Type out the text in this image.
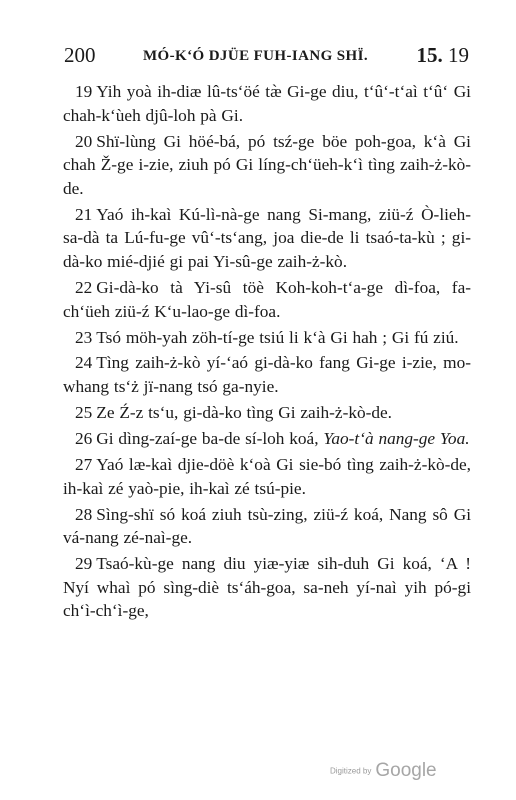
200	MÓ-K‘Ó DJÜE FUH-IANG SHÏ. 15. 19

19 Yih yoà ih-diæ lû-ts‘öé tæ̀ Gi-ge diu, t‘û‘-t‘aì t‘û‘ Gi chah-k‘ùeh djû-loh pà Gi.

20 Shï-lùng Gi höé-bá, pó tsź-ge böe poh-goa, k‘à Gi chah Ž-ge i-zie, ziuh pó Gi líng-ch‘üeh-k‘ì tìng zaih-ż-kò-de.

21 Yaó ih-kaì Kú-lì-nà-ge nang Si-mang, ziü-ź Ò-lieh-sa-dà ta Lú-fu-ge vû‘-ts‘ang, joa die-de li tsaó-ta-kù ; gi-dà-ko mié-djié gi pai Yi-sû-ge zaih-ż-kò.

22 Gi-dà-ko tà Yi-sû töè Koh-koh-t‘a-ge dì-foa, fa-ch‘üeh ziü-ź K‘u-lao-ge dì-foa.

23 Tsó möh-yah zöh-tí-ge tsiú li k‘à Gi hah ; Gi fú ziú.

24 Tìng zaih-ż-kò yí-‘aó gi-dà-ko fang Gi-ge i-zie, mo-whang ts‘ż jï-nang tsó ga-nyie.

25 Ze Ź-z ts‘u, gi-dà-ko tìng Gi zaih-ż-kò-de.

26 Gi dìng-zaí-ge ba-de sí-loh koá, Yao-t‘à nang-ge Yoa.

27 Yaó læ-kaì djie-döè k‘oà Gi sie-bó tìng zaih-ż-kò-de, ih-kaì zé yaò-pie, ih-kaì zé tsú-pie.

28 Sìng-shï só koá ziuh tsù-zing, ziü-ź koá, Nang sô Gi vá-nang zé-naì-ge.

29 Tsaó-kù-ge nang diu yiæ-yiæ sih-duh Gi koá, ‘A ! Nyí whaì pó sìng-diè ts‘áh-goa, sa-neh yí-naì yih pó-gi ch‘ì-ch‘ì-ge,

Digitized by Google
